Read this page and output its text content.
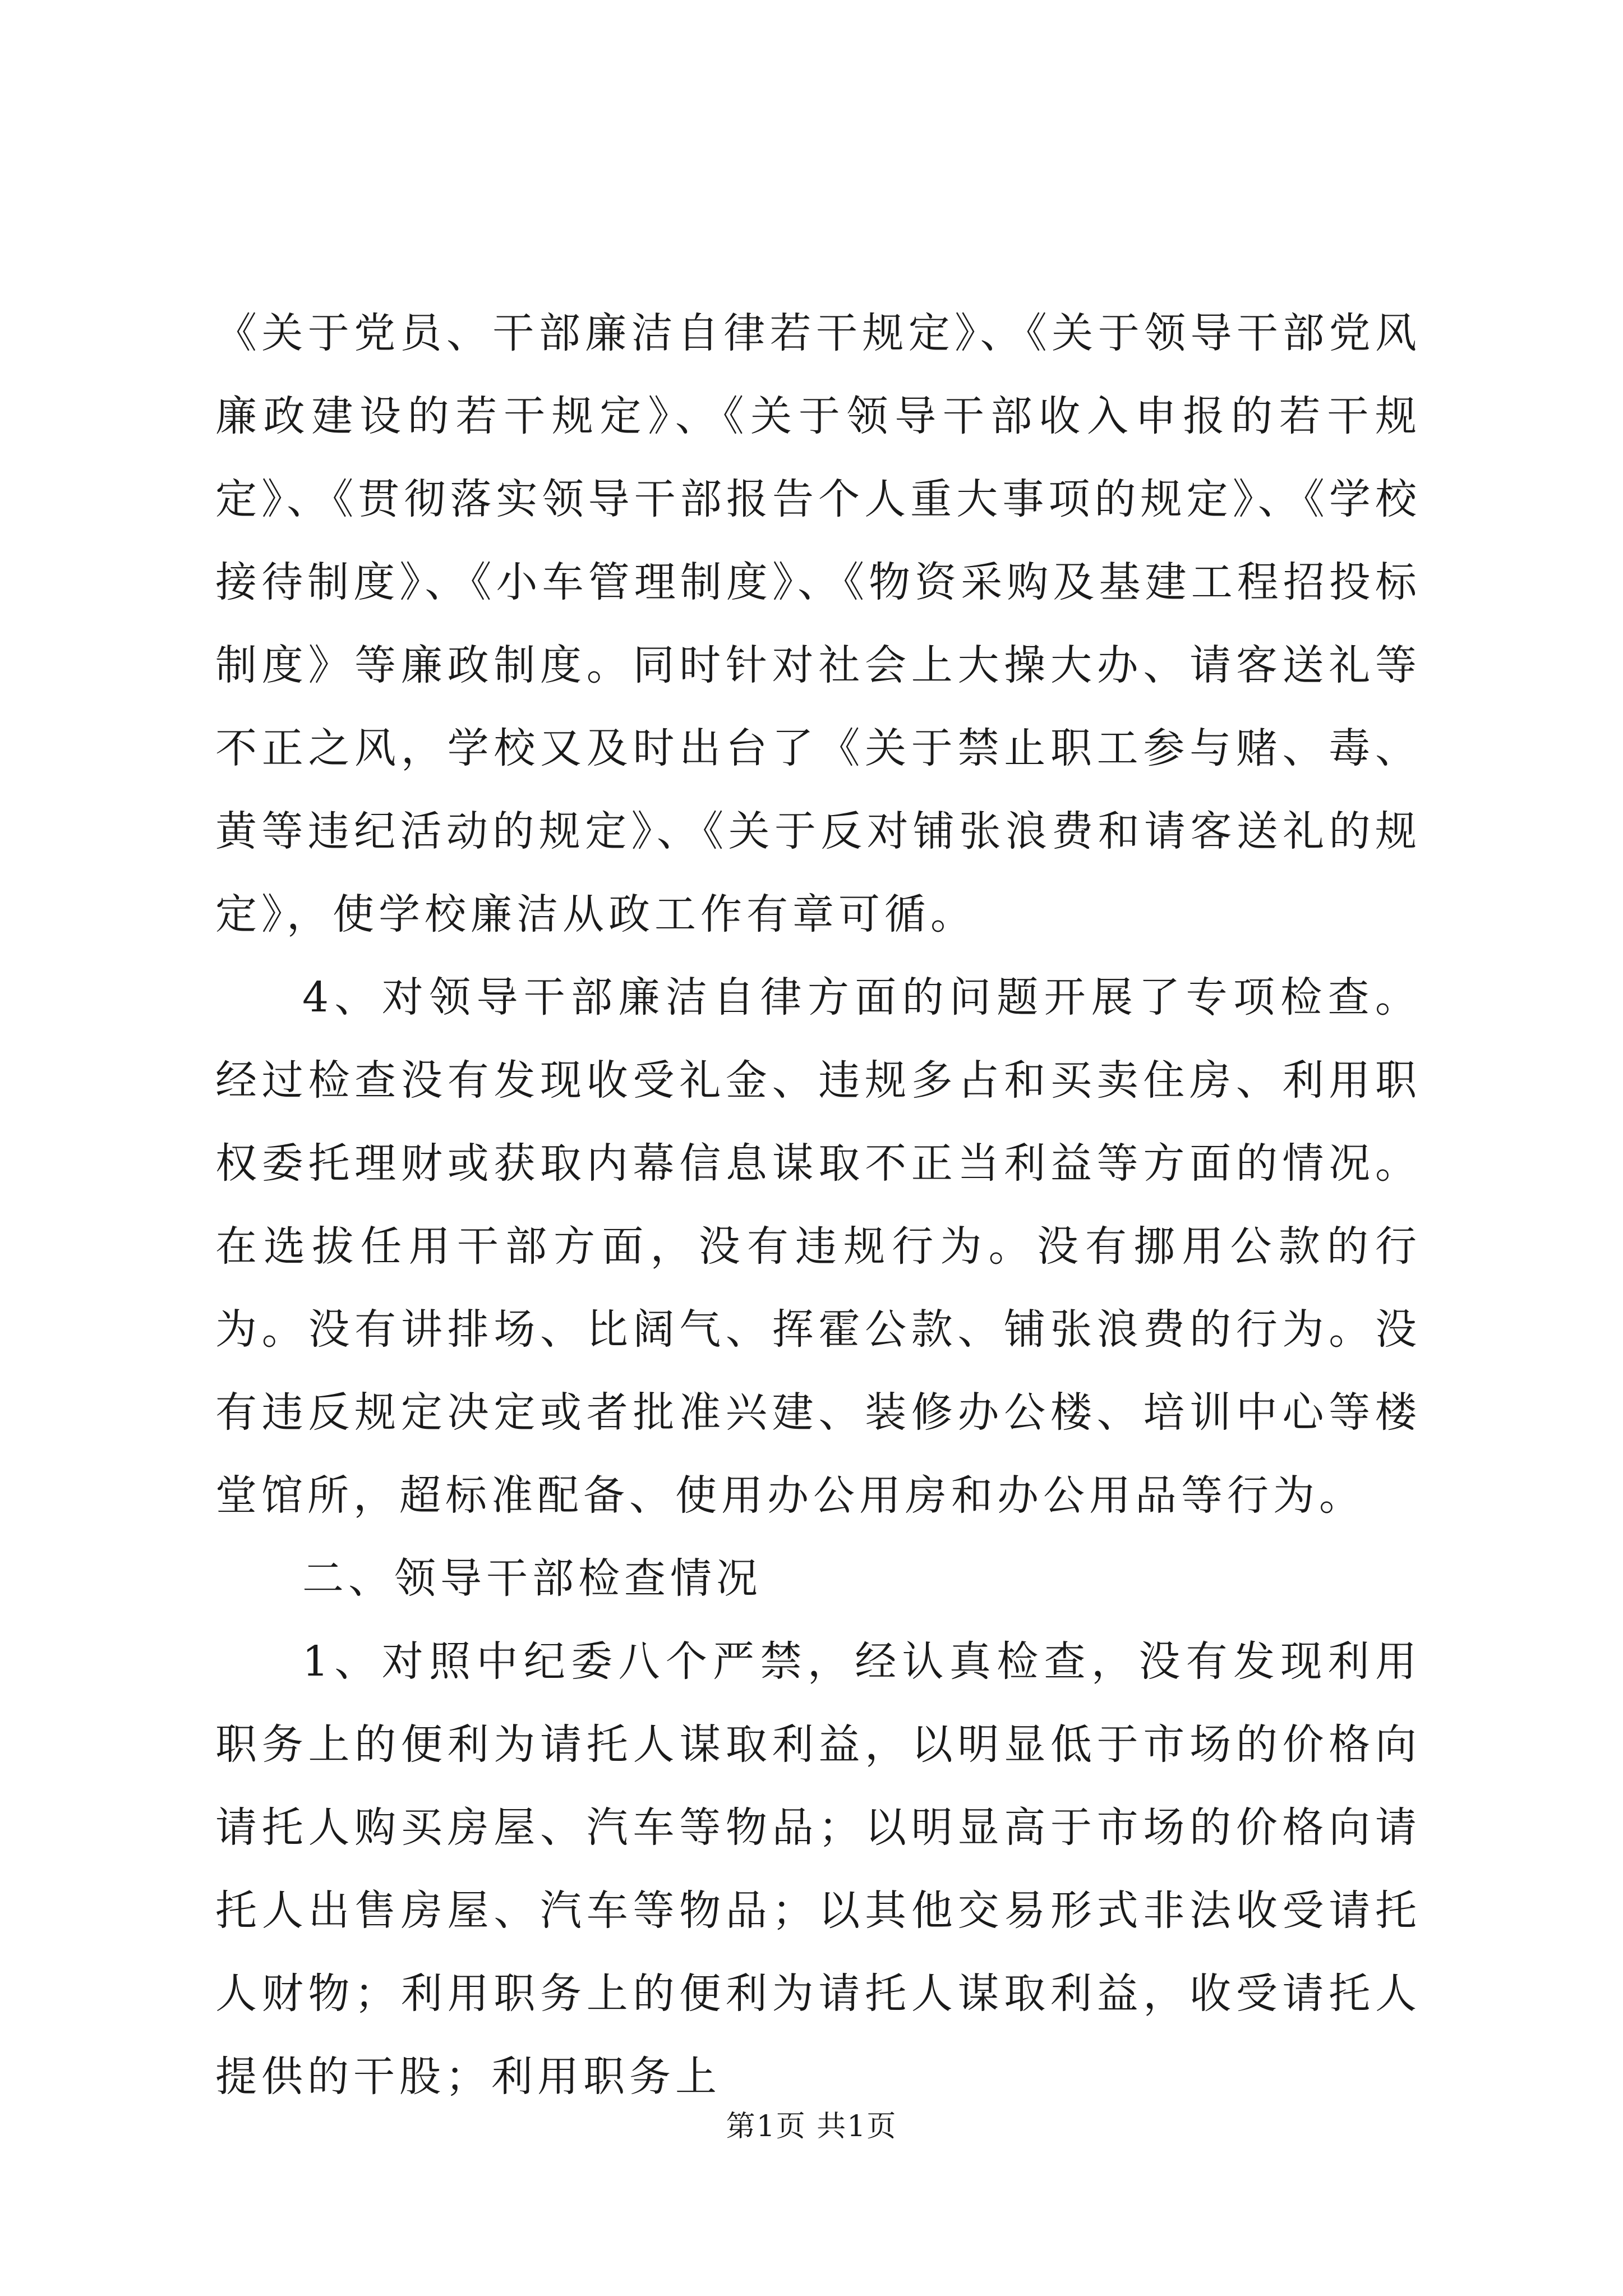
《关于党员、干部廉洁自律若干规定》、《关于领导干部党风廉政建设的若干规定》、《关于领导干部收入申报的若干规定》、《贯彻落实领导干部报告个人重大事项的规定》、《学校接待制度》、《小车管理制度》、《物资采购及基建工程招投标制度》等廉政制度。同时针对社会上大操大办、请客送礼等不正之风，学校又及时出台了《关于禁止职工参与赌、毒、黄等违纪活动的规定》、《关于反对铺张浪费和请客送礼的规定》，使学校廉洁从政工作有章可循。

4、对领导干部廉洁自律方面的问题开展了专项检查。经过检查没有发现收受礼金、违规多占和买卖住房、利用职权委托理财或获取内幕信息谋取不正当利益等方面的情况。在选拔任用干部方面，没有违规行为。没有挪用公款的行为。没有讲排场、比阔气、挥霍公款、铺张浪费的行为。没有违反规定决定或者批准兴建、装修办公楼、培训中心等楼堂馆所，超标准配备、使用办公用房和办公用品等行为。

二、领导干部检查情况

1、对照中纪委八个严禁，经认真检查，没有发现利用职务上的便利为请托人谋取利益，以明显低于市场的价格向请托人购买房屋、汽车等物品；以明显高于市场的价格向请托人出售房屋、汽车等物品；以其他交易形式非法收受请托人财物；利用职务上的便利为请托人谋取利益，收受请托人提供的干股；利用职务上

第1页 共1页
